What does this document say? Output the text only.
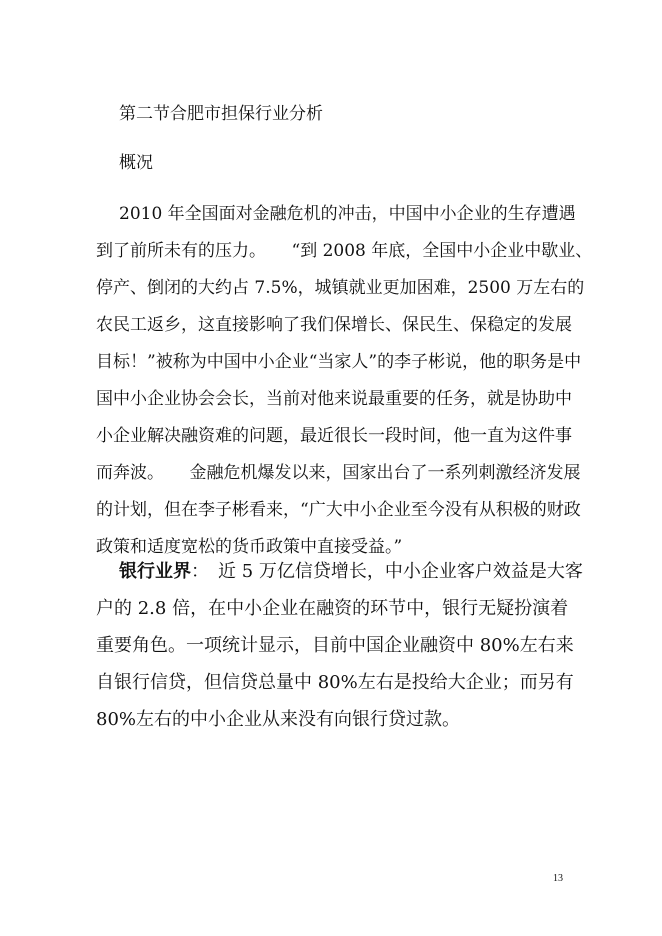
第二节合肥市担保行业分析
概况
2010 年全国面对金融危机的冲击，中国中小企业的生存遭遇
到了前所未有的压力。　　“到 2008 年底，全国中小企业中歇业、
停产、倒闭的大约占 7.5%，城镇就业更加困难，2500 万左右的
农民工返乡，这直接影响了我们保增长、保民生、保稳定的发展
目标！”被称为中国中小企业“当家人”的李子彬说，他的职务是中
国中小企业协会会长，当前对他来说最重要的任务，就是协助中
小企业解决融资难的问题，最近很长一段时间，他一直为这件事
而奔波。　　金融危机爆发以来，国家出台了一系列刺激经济发展
的计划，但在李子彬看来，“广大中小企业至今没有从积极的财政
政策和适度宽松的货币政策中直接受益。”
银行业界：　近 5 万亿信贷增长，中小企业客户效益是大客
户的 2.8 倍，在中小企业在融资的环节中，银行无疑扮演着
重要角色。一项统计显示，目前中国企业融资中 80%左右来
自银行信贷，但信贷总量中 80%左右是投给大企业；而另有
80%左右的中小企业从来没有向银行贷过款。
13
